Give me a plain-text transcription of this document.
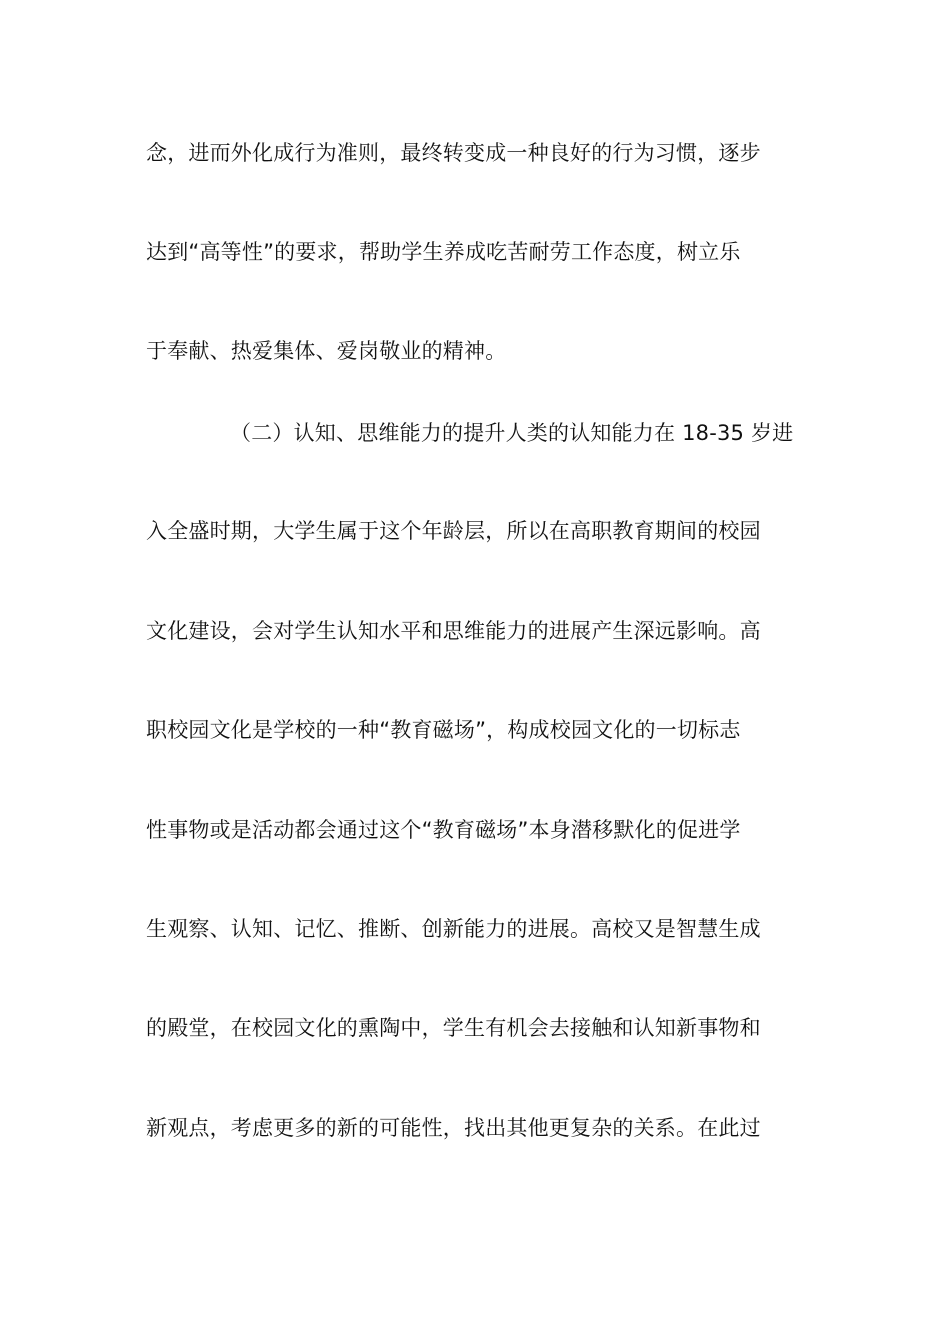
念，进而外化成行为准则，最终转变成一种良好的行为习惯，逐步
达到“高等性”的要求，帮助学生养成吃苦耐劳工作态度，树立乐
于奉献、热爱集体、爱岗敬业的精神。
（二）认知、思维能力的提升人类的认知能力在 18-35 岁进
入全盛时期，大学生属于这个年龄层，所以在高职教育期间的校园
文化建设，会对学生认知水平和思维能力的进展产生深远影响。高
职校园文化是学校的一种“教育磁场”，构成校园文化的一切标志
性事物或是活动都会通过这个“教育磁场”本身潜移默化的促进学
生观察、认知、记忆、推断、创新能力的进展。高校又是智慧生成
的殿堂，在校园文化的熏陶中，学生有机会去接触和认知新事物和
新观点，考虑更多的新的可能性，找出其他更复杂的关系。在此过
